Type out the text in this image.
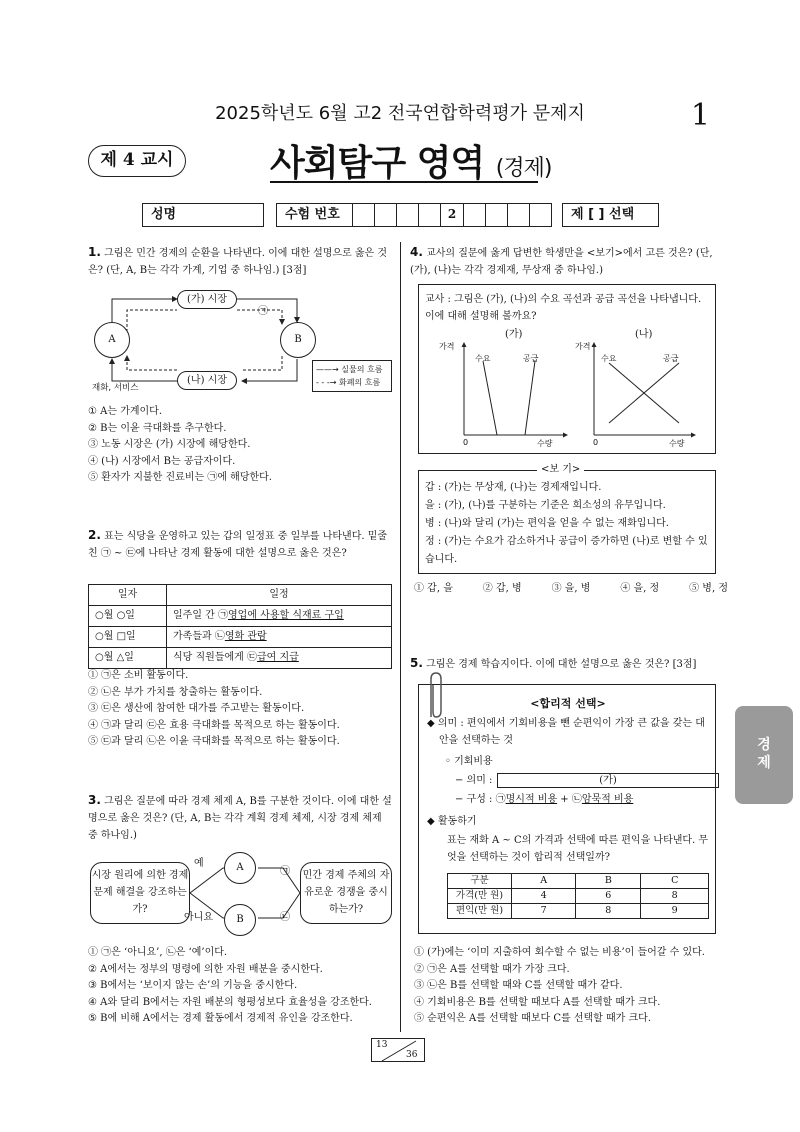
2025학년도 6월 고2 전국연합학력평가 문제지	1
제 4 교시	사회탐구 영역 (경제)
성명	수험 번호	2	제 [ ] 선택
1. 그림은 민간 경제의 순환을 나타낸다. 이에 대한 설명으로 옳은 것은? (단, A, B는 각각 가계, 기업 중 하나임.) [3점]
(가) 시장
(나) 시장
A	B
㉠
재화, 서비스
——→ 실물의 흐름
- - -→ 화폐의 흐름
① A는 가계이다.
② B는 이윤 극대화를 추구한다.
③ 노동 시장은 (가) 시장에 해당한다.
④ (나) 시장에서 B는 공급자이다.
⑤ 환자가 지불한 진료비는 ㉠에 해당한다.
2. 표는 식당을 운영하고 있는 갑의 일정표 중 일부를 나타낸다. 밑줄 친 ㉠ ~ ㉢에 나타난 경제 활동에 대한 설명으로 옳은 것은?
일자	일정
○월 ○일	일주일 간 ㉠영업에 사용할 식재료 구입
○월 □일	가족들과 ㉡영화 관람
○월 △일	식당 직원들에게 ㉢급여 지급
① ㉠은 소비 활동이다.
② ㉡은 부가 가치를 창출하는 활동이다.
③ ㉢은 생산에 참여한 대가를 주고받는 활동이다.
④ ㉠과 달리 ㉢은 효용 극대화를 목적으로 하는 활동이다.
⑤ ㉢과 달리 ㉡은 이윤 극대화를 목적으로 하는 활동이다.
3. 그림은 질문에 따라 경제 체제 A, B를 구분한 것이다. 이에 대한 설명으로 옳은 것은? (단, A, B는 각각 계획 경제 체제, 시장 경제 체제 중 하나임.)
시장 원리에 의한 경제 문제 해결을 강조하는가?
민간 경제 주체의 자유로운 경쟁을 중시하는가?
A
B
예
아니요
㉠
㉡
① ㉠은 ‘아니요’, ㉡은 ‘예’이다.
② A에서는 정부의 명령에 의한 자원 배분을 중시한다.
③ B에서는 ‘보이지 않는 손’의 기능을 중시한다.
④ A와 달리 B에서는 자원 배분의 형평성보다 효율성을 강조한다.
⑤ B에 비해 A에서는 경제 활동에서 경제적 유인을 강조한다.
4. 교사의 질문에 옳게 답변한 학생만을 <보기>에서 고른 것은? (단, (가), (나)는 각각 경제재, 무상재 중 하나임.)
교사 : 그림은 (가), (나)의 수요 곡선과 공급 곡선을 나타냅니다. 이에 대해 설명해 볼까요?
(가)	(나)
가격
수요	공급
0	수량
가격
수요	공급
0	수량
<보 기>
갑 : (가)는 무상재, (나)는 경제재입니다.
을 : (가), (나)를 구분하는 기준은 희소성의 유무입니다.
병 : (나)와 달리 (가)는 편익을 얻을 수 없는 재화입니다.
정 : (가)는 수요가 감소하거나 공급이 증가하면 (나)로 변할 수 있습니다.
① 갑, 을	② 갑, 병	③ 을, 병	④ 을, 정	⑤ 병, 정
5. 그림은 경제 학습지이다. 이에 대한 설명으로 옳은 것은? [3점]
<합리적 선택>
◆ 의미 : 편익에서 기회비용을 뺀 순편익이 가장 큰 값을 갖는 대안을 선택하는 것
◦ 기회비용
− 의미 :	(가)
− 구성 : ㉠명시적 비용 + ㉡암묵적 비용
◆ 활동하기
표는 재화 A ~ C의 가격과 선택에 따른 편익을 나타낸다. 무엇을 선택하는 것이 합리적 선택일까?
구분	A	B	C
가격(만 원)	4	6	8
편익(만 원)	7	8	9
① (가)에는 ‘이미 지출하여 회수할 수 없는 비용’이 들어갈 수 있다.
② ㉠은 A를 선택할 때가 가장 크다.
③ ㉡은 B를 선택할 때와 C를 선택할 때가 같다.
④ 기회비용은 B를 선택할 때보다 A를 선택할 때가 크다.
⑤ 순편익은 A를 선택할 때보다 C를 선택할 때가 크다.
경
제
13
36
